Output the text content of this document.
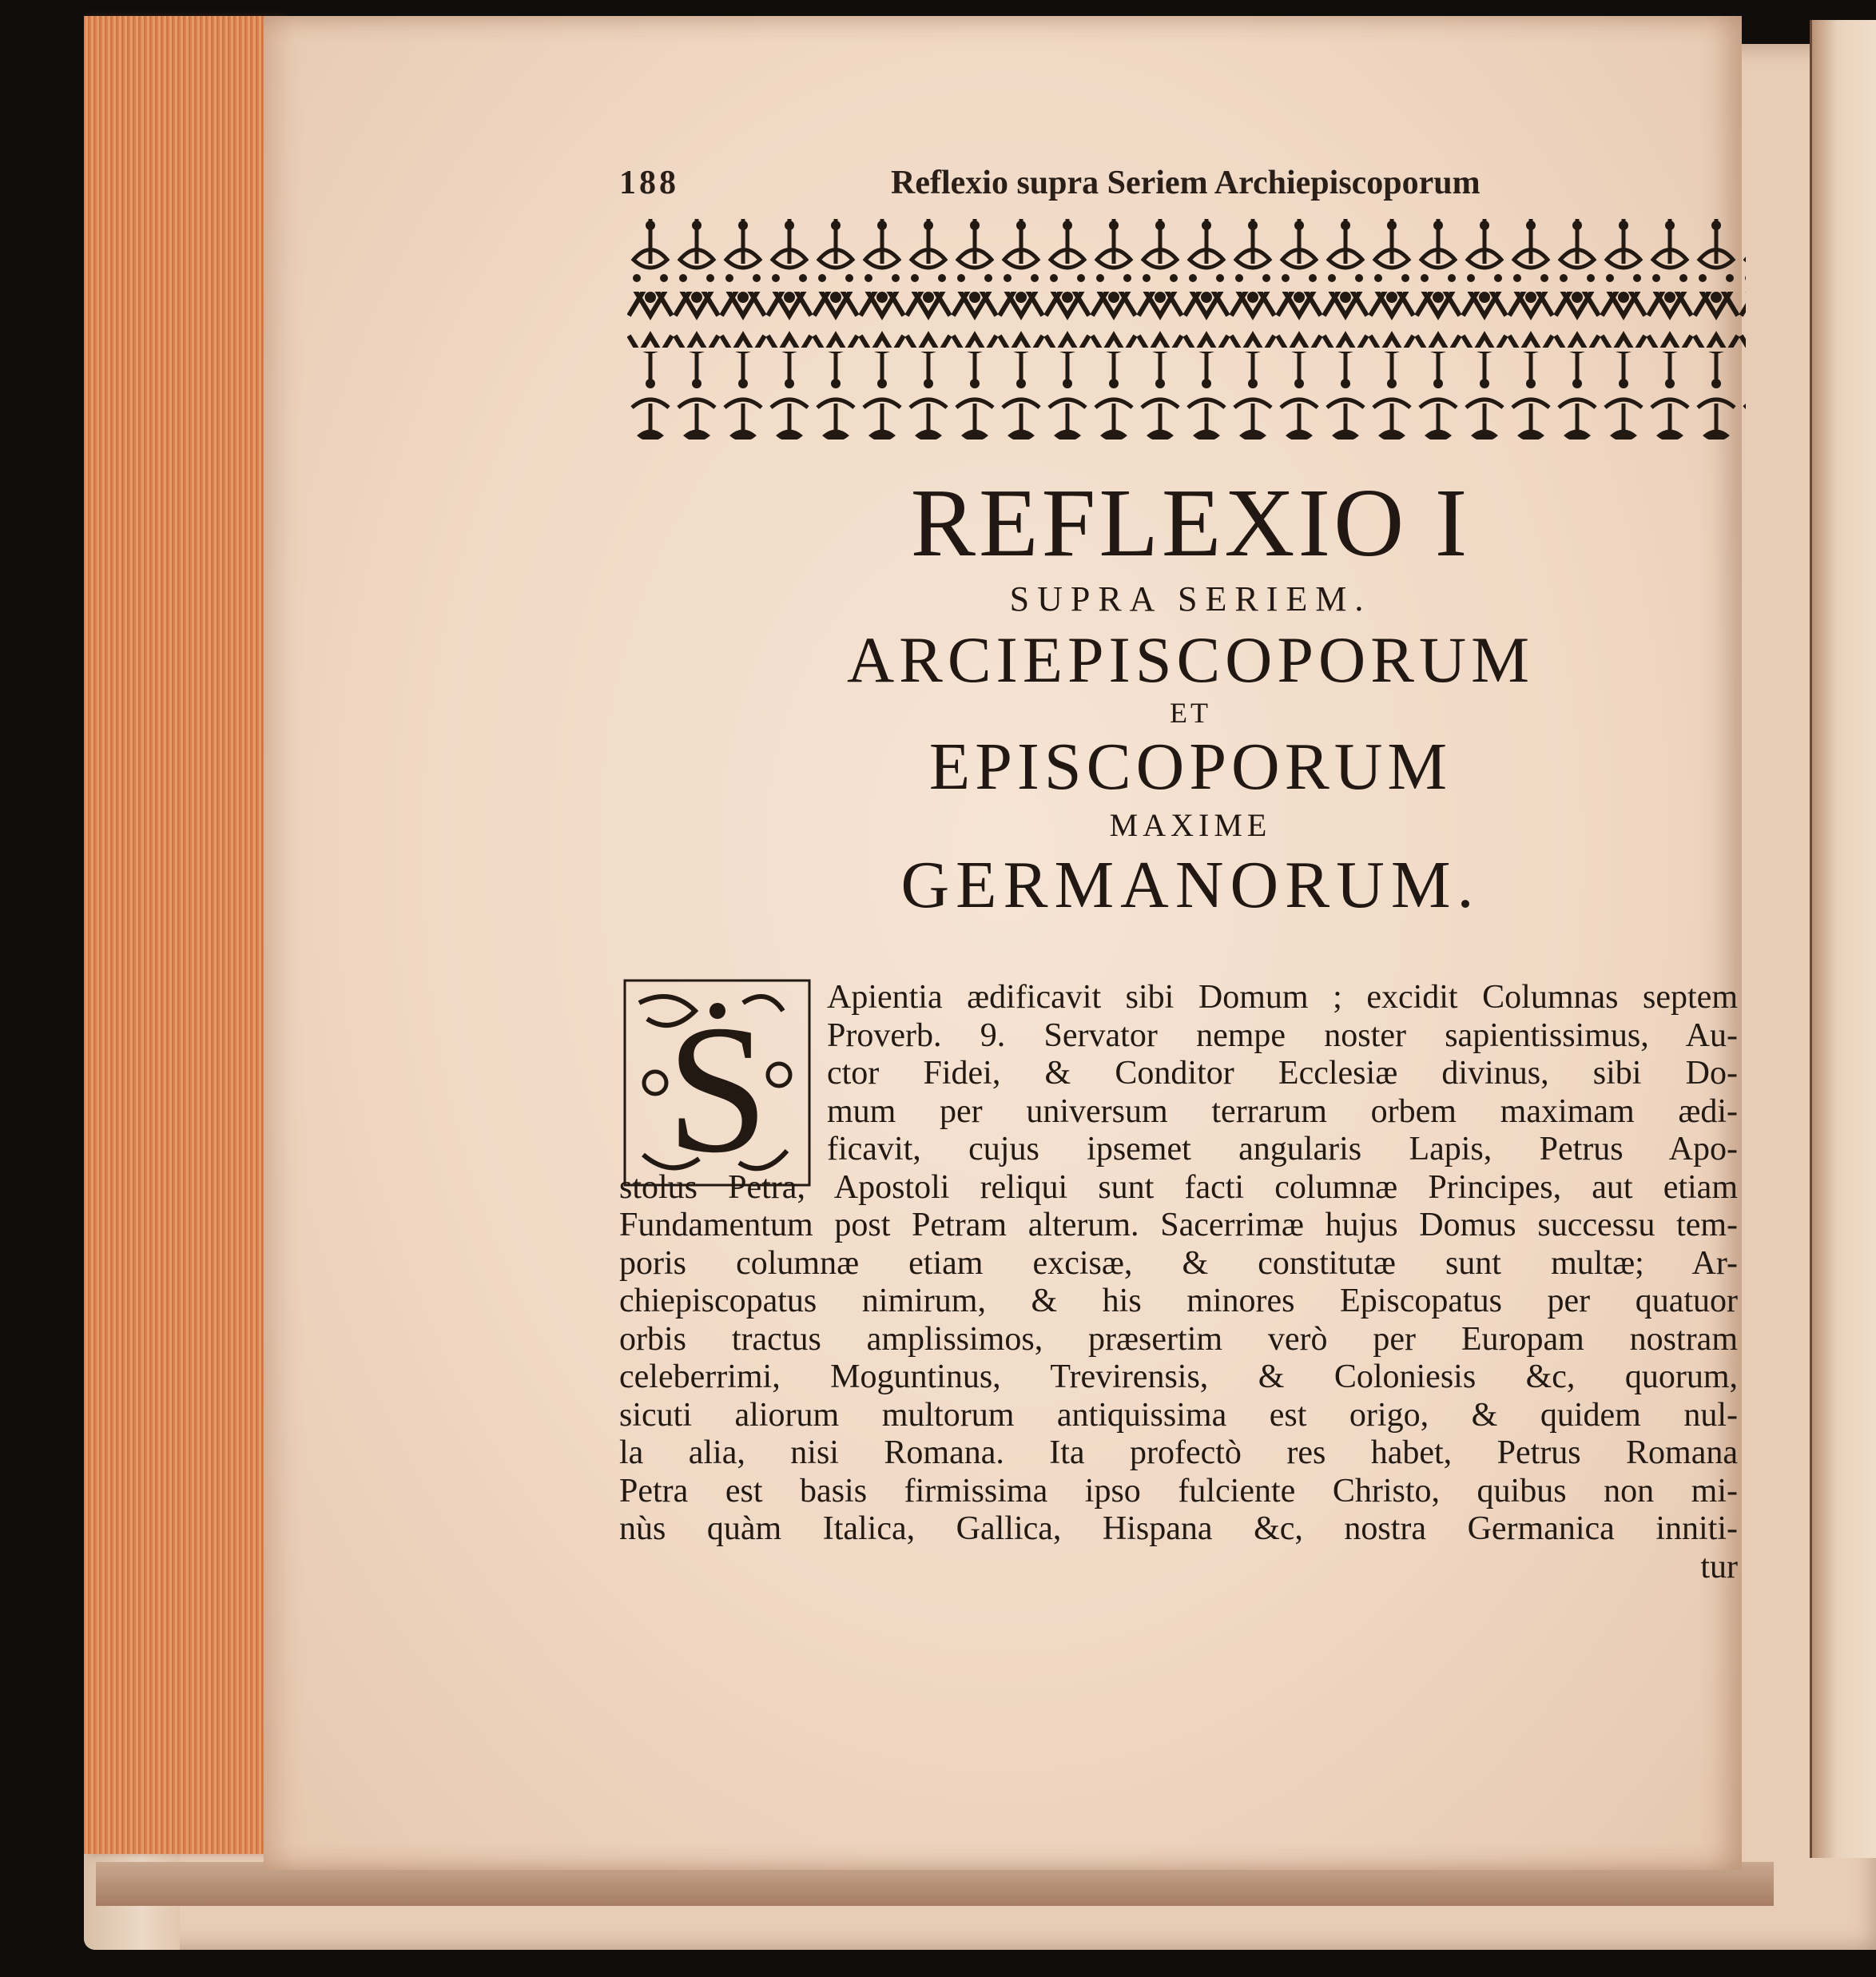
188	Reflexio supra Seriem Archiepiscoporum
REFLEXIO I
SUPRA SERIEM.
ARCIEPISCOPORUM
ET
EPISCOPORUM
MAXIME
GERMANORUM.
S	Apientia ædificavit sibi Domum ; excidit Columnas septem
Proverb. 9. Servator nempe noster sapientissimus, Au-
ctor Fidei, & Conditor Ecclesiæ divinus, sibi Do-
mum per universum terrarum orbem maximam ædi-
ficavit, cujus ipsemet angularis Lapis, Petrus Apo-
stolus Petra, Apostoli reliqui sunt facti columnæ Principes, aut etiam
Fundamentum post Petram alterum. Sacerrimæ hujus Domus successu tem-
poris columnæ etiam excisæ, & constitutæ sunt multæ; Ar-
chiepiscopatus nimirum, & his minores Episcopatus per quatuor
orbis tractus amplissimos, præsertim verò per Europam nostram
celeberrimi, Moguntinus, Trevirensis, & Coloniesis &c, quorum,
sicuti aliorum multorum antiquissima est origo, & quidem nul-
la alia, nisi Romana. Ita profectò res habet, Petrus Romana
Petra est basis firmissima ipso fulciente Christo, quibus non mi-
nùs quàm Italica, Gallica, Hispana &c, nostra Germanica inniti-
tur
